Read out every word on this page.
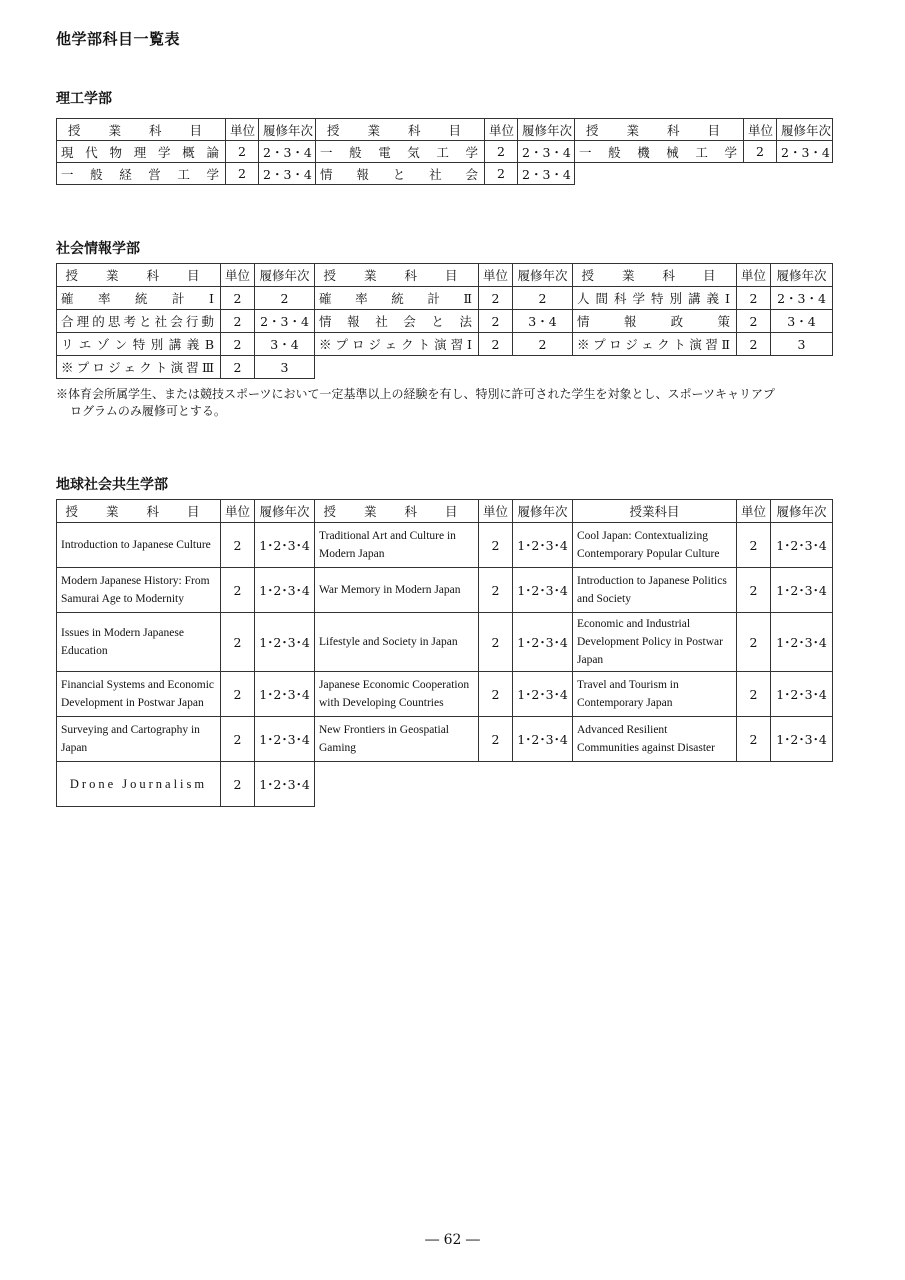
他学部科目一覧表
理工学部
授 業 科 目	単位	履修年次	授 業 科 目	単位	履修年次	授 業 科 目	単位	履修年次
現代物理学概論	2	2・3・4	一般電気工学	2	2・3・4	一般機械工学	2	2・3・4
一般経営工学	2	2・3・4	情報と社会	2	2・3・4			
社会情報学部
授 業 科 目	単位	履修年次	授 業 科 目	単位	履修年次	授 業 科 目	単位	履修年次
確率統計Ⅰ	2	2	確率統計Ⅱ	2	2	人間科学特別講義Ⅰ	2	2・3・4
合理的思考と社会行動	2	2・3・4	情報社会と法	2	3・4	情報政策	2	3・4
リエゾン特別講義B	2	3・4	※プロジェクト演習Ⅰ	2	2	※プロジェクト演習Ⅱ	2	3
※プロジェクト演習Ⅲ	2	3						
※体育会所属学生、または競技スポーツにおいて一定基準以上の経験を有し、特別に許可された学生を対象とし、スポーツキャリアプ
ログラムのみ履修可とする。
地球社会共生学部
授 業 科 目	単位	履修年次	授 業 科 目	単位	履修年次	授業科目	単位	履修年次
Introduction to Japanese Culture	2	1･2･3･4	Traditional Art and Culture in Modern Japan	2	1･2･3･4	Cool Japan: Contextualizing Contemporary Popular Culture	2	1･2･3･4
Modern Japanese History: From Samurai Age to Modernity	2	1･2･3･4	War Memory in Modern Japan	2	1･2･3･4	Introduction to Japanese Politics and Society	2	1･2･3･4
Issues in Modern Japanese Education	2	1･2･3･4	Lifestyle and Society in Japan	2	1･2･3･4	Economic and Industrial Development Policy in Postwar Japan	2	1･2･3･4
Financial Systems and Economic Development in Postwar Japan	2	1･2･3･4	Japanese Economic Cooperation with Developing Countries	2	1･2･3･4	Travel and Tourism in Contemporary Japan	2	1･2･3･4
Surveying and Cartography in Japan	2	1･2･3･4	New Frontiers in Geospatial Gaming	2	1･2･3･4	Advanced Resilient Communities against Disaster	2	1･2･3･4
Drone Journalism	2	1･2･3･4						
― 62 ―
